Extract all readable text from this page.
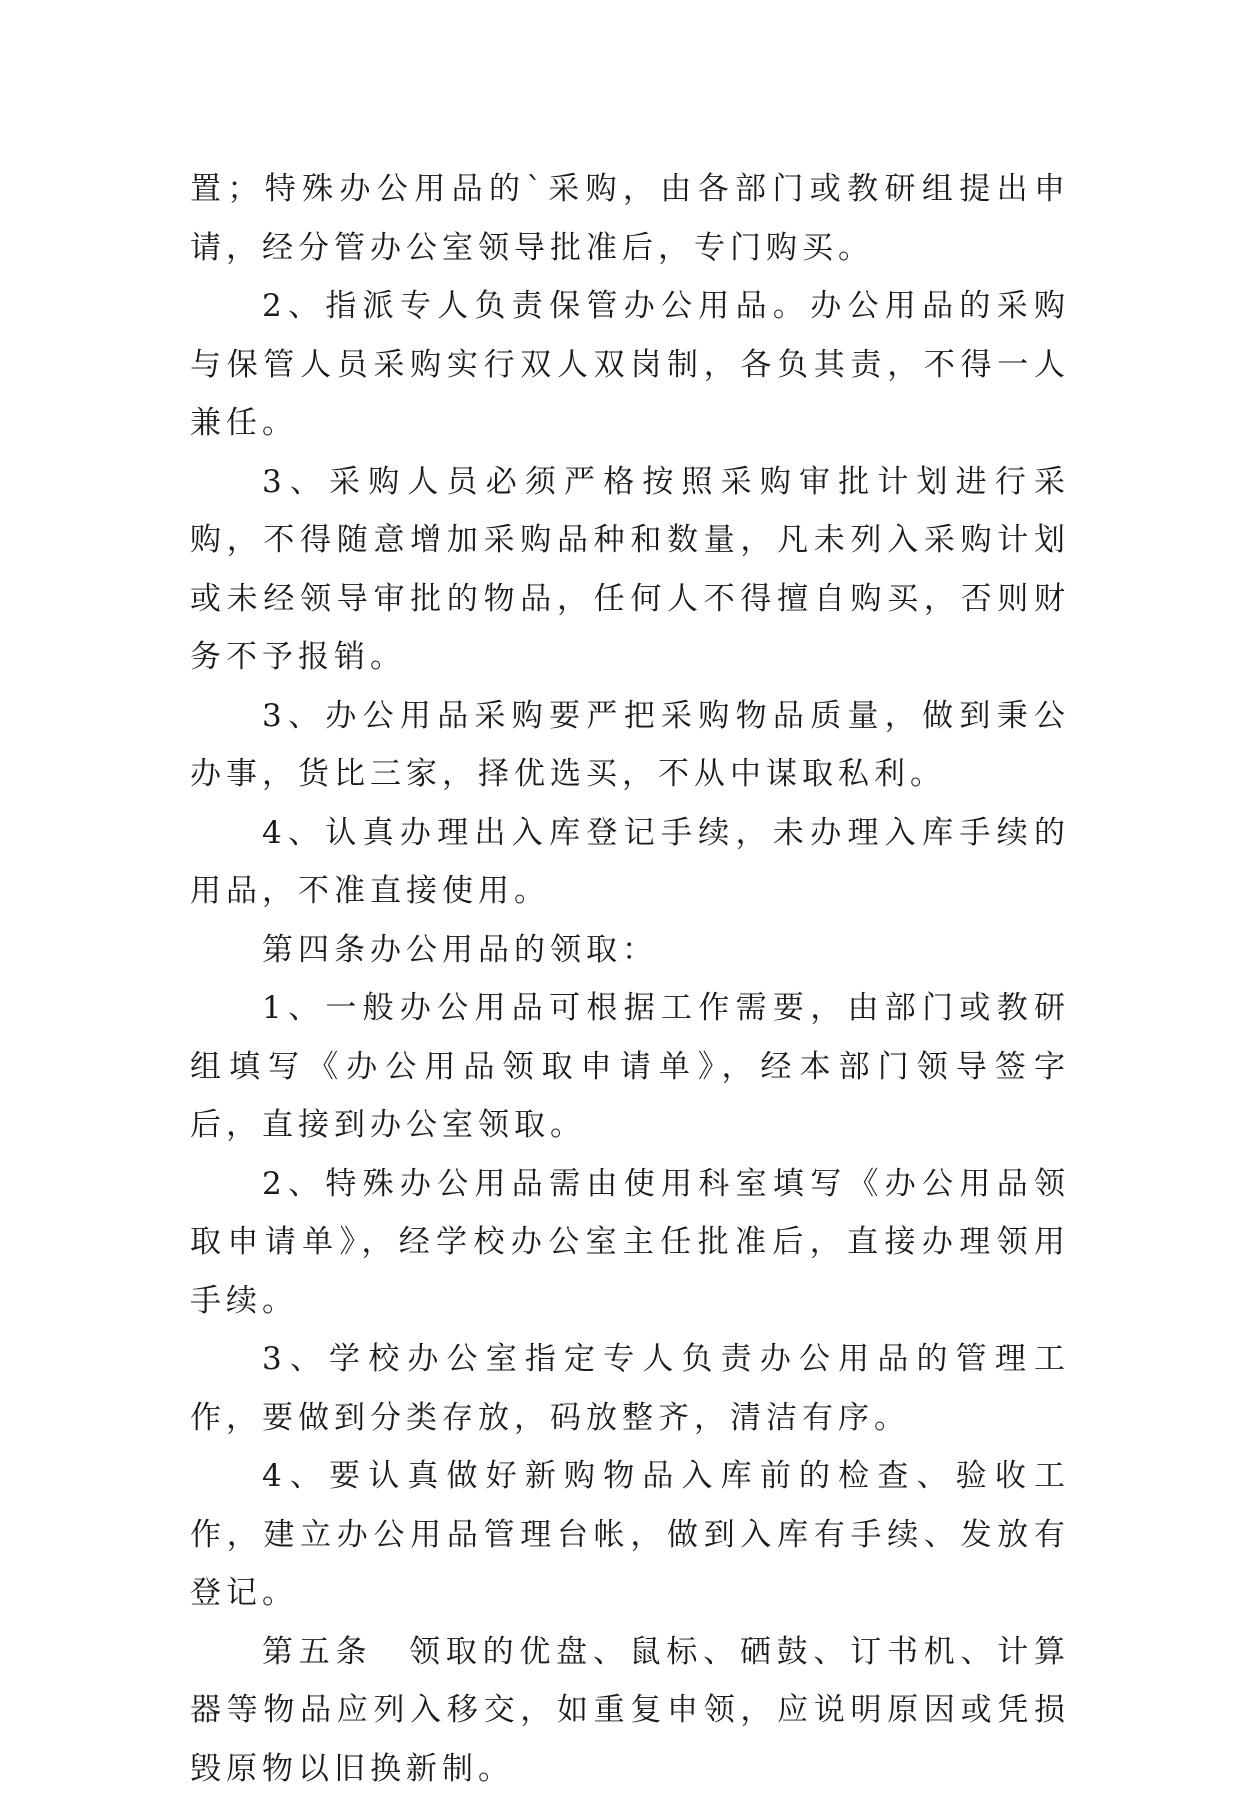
置；特殊办公用品的`采购，由各部门或教研组提出申请，经分管办公室领导批准后，专门购买。

2、指派专人负责保管办公用品。办公用品的采购与保管人员采购实行双人双岗制，各负其责，不得一人兼任。

3、采购人员必须严格按照采购审批计划进行采购，不得随意增加采购品种和数量，凡未列入采购计划或未经领导审批的物品，任何人不得擅自购买，否则财务不予报销。

3、办公用品采购要严把采购物品质量，做到秉公办事，货比三家，择优选买，不从中谋取私利。

4、认真办理出入库登记手续，未办理入库手续的用品，不准直接使用。

第四条办公用品的领取：

1、一般办公用品可根据工作需要，由部门或教研组填写《办公用品领取申请单》，经本部门领导签字后，直接到办公室领取。

2、特殊办公用品需由使用科室填写《办公用品领取申请单》，经学校办公室主任批准后，直接办理领用手续。

3、学校办公室指定专人负责办公用品的管理工作，要做到分类存放，码放整齐，清洁有序。

4、要认真做好新购物品入库前的检查、验收工作，建立办公用品管理台帐，做到入库有手续、发放有登记。

第五条　领取的优盘、鼠标、硒鼓、订书机、计算器等物品应列入移交，如重复申领，应说明原因或凭损毁原物以旧换新制。
